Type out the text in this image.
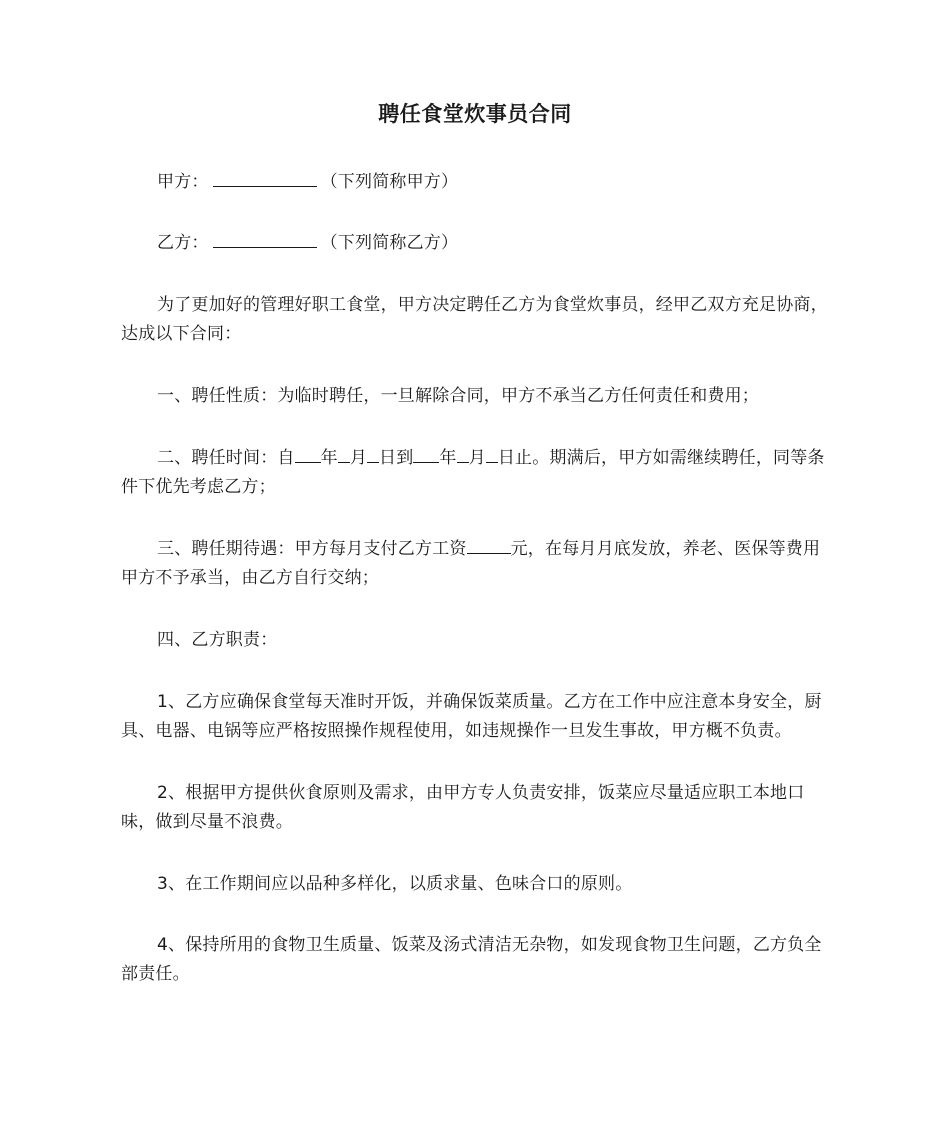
聘任食堂炊事员合同

甲方：	（下列简称甲方）

乙方：	（下列简称乙方）

为了更加好的管理好职工食堂，甲方决定聘任乙方为食堂炊事员，经甲乙双方充足协商，达成以下合同：

一、聘任性质：为临时聘任，一旦解除合同，甲方不承当乙方任何责任和费用；

二、聘任时间：自 年 月 日到 年 月 日止。期满后，甲方如需继续聘任，同等条件下优先考虑乙方；

三、聘任期待遇：甲方每月支付乙方工资	元，在每月月底发放，养老、医保等费用甲方不予承当，由乙方自行交纳；

四、乙方职责：

1、乙方应确保食堂每天准时开饭，并确保饭菜质量。乙方在工作中应注意本身安全，厨具、电器、电锅等应严格按照操作规程使用，如违规操作一旦发生事故，甲方概不负责。

2、根据甲方提供伙食原则及需求，由甲方专人负责安排，饭菜应尽量适应职工本地口味，做到尽量不浪费。

3、在工作期间应以品种多样化，以质求量、色味合口的原则。

4、保持所用的食物卫生质量、饭菜及汤式清洁无杂物，如发现食物卫生问题，乙方负全部责任。
